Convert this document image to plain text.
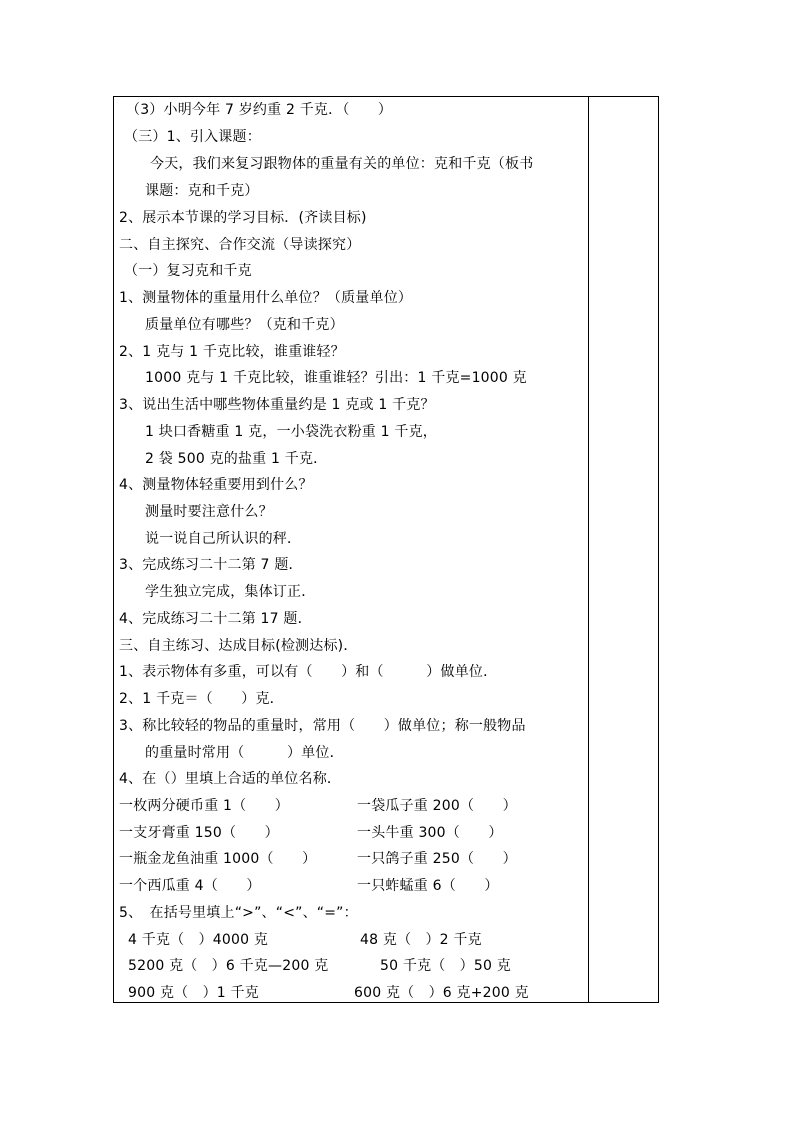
（3）小明今年 7 岁约重 2 千克．（　　）
（三）1、引入课题：
今天，我们来复习跟物体的重量有关的单位：克和千克（板书
课题：克和千克）
2、展示本节课的学习目标．(齐读目标)
二、自主探究、合作交流（导读探究）
（一）复习克和千克
1、测量物体的重量用什么单位？（质量单位）
质量单位有哪些？（克和千克）
2、1 克与 1 千克比较，谁重谁轻？
1000 克与 1 千克比较，谁重谁轻？引出：1 千克=1000 克
3、说出生活中哪些物体重量约是 1 克或 1 千克？
1 块口香糖重 1 克，一小袋洗衣粉重 1 千克，
2 袋 500 克的盐重 1 千克．
4、测量物体轻重要用到什么？
测量时要注意什么？
说一说自己所认识的秤．
3、完成练习二十二第 7 题．
学生独立完成，集体订正．
4、完成练习二十二第 17 题．
三、自主练习、达成目标(检测达标)．
1、表示物体有多重，可以有（　　）和（　　　）做单位．
2、1 千克＝（　　）克．
3、称比较轻的物品的重量时，常用（　　）做单位；称一般物品
的重量时常用（　　　）单位．
4、在（）里填上合适的单位名称．
一枚两分硬币重 1（　　）	一袋瓜子重 200（　　）
一支牙膏重 150（　　）	一头牛重 300（　　）
一瓶金龙鱼油重 1000（　　）	一只鸽子重 250（　　）
一个西瓜重 4（　　）	一只蚱蜢重 6（　　）
5、　在括号里填上“>”、“<”、“=”：
4 千克（　）4000 克	48 克（　）2 千克
5200 克（　）6 千克—200 克	50 千克（　）50 克
900 克（　）1 千克	600 克（　）6 克+200 克
